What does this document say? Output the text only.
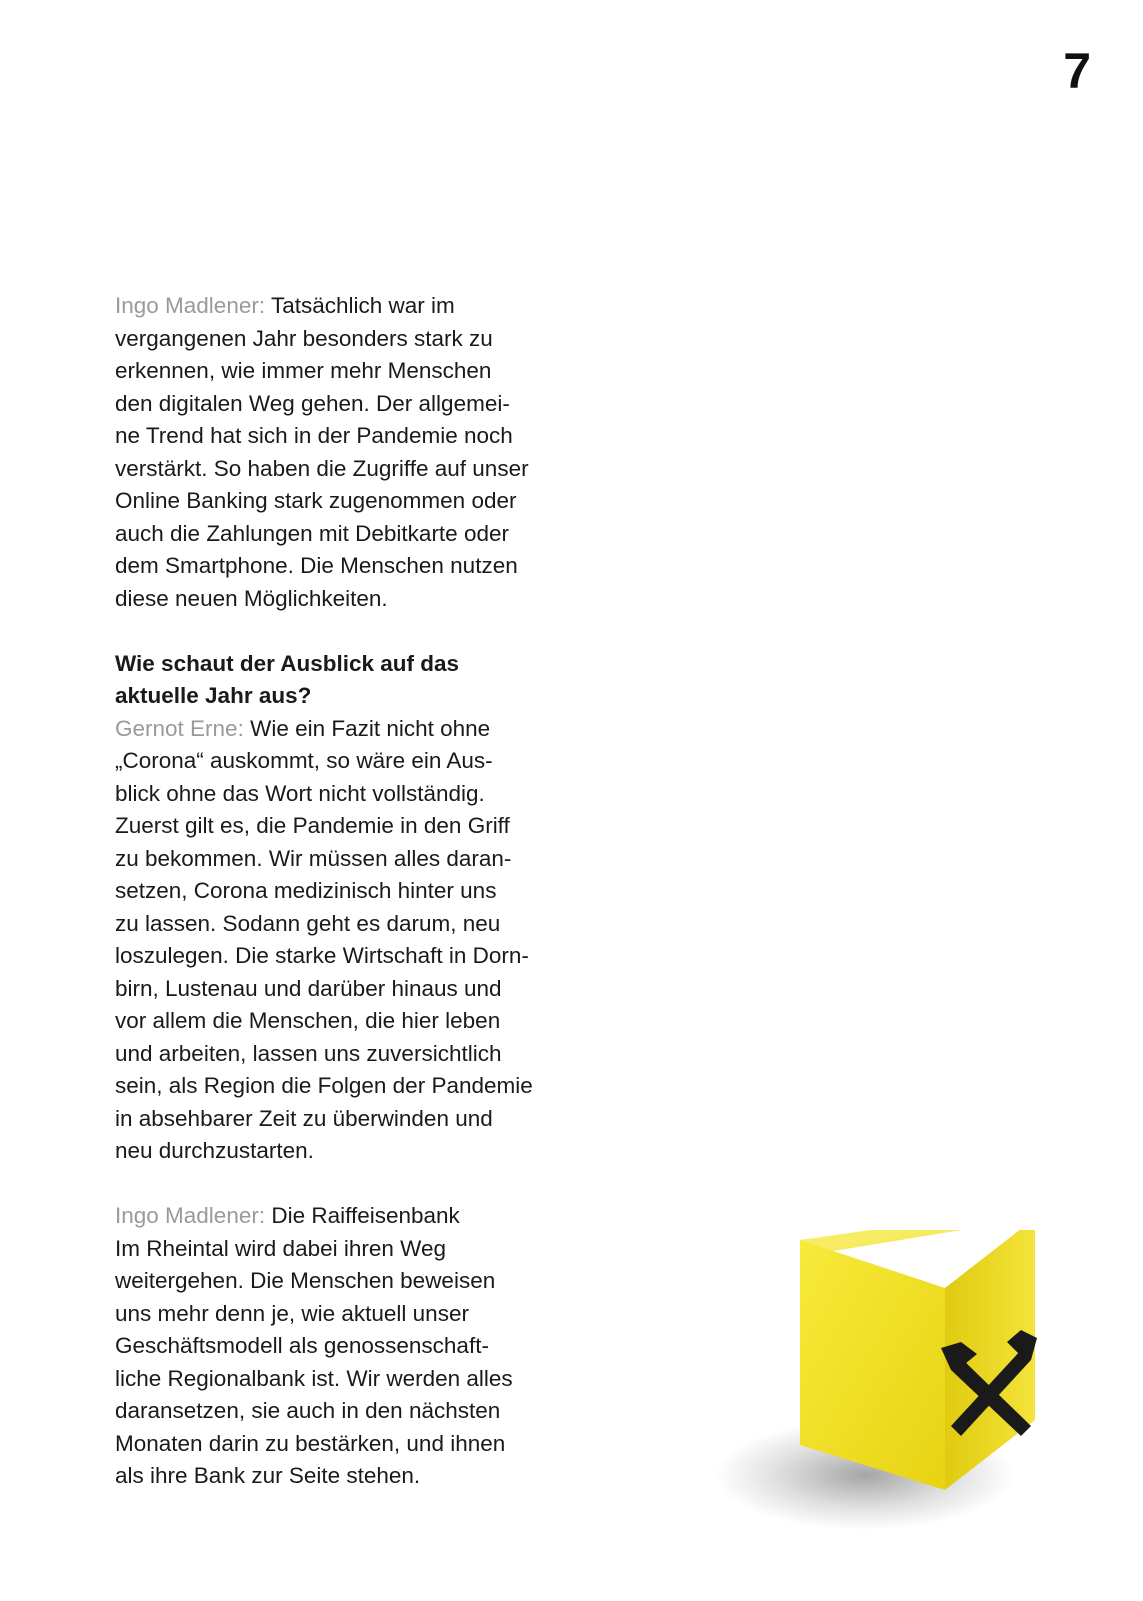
7

Ingo Madlener: Tatsächlich war im
vergangenen Jahr besonders stark zu
erkennen, wie immer mehr Menschen
den digitalen Weg gehen. Der allgemei-
ne Trend hat sich in der Pandemie noch
verstärkt. So haben die Zugriffe auf unser
Online Banking stark zugenommen oder
auch die Zahlungen mit Debitkarte oder
dem Smartphone. Die Menschen nutzen
diese neuen Möglichkeiten.

Wie schaut der Ausblick auf das
aktuelle Jahr aus?
Gernot Erne: Wie ein Fazit nicht ohne
„Corona“ auskommt, so wäre ein Aus-
blick ohne das Wort nicht vollständig.
Zuerst gilt es, die Pandemie in den Griff
zu bekommen. Wir müssen alles daran-
setzen, Corona medizinisch hinter uns
zu lassen. Sodann geht es darum, neu
loszulegen. Die starke Wirtschaft in Dorn-
birn, Lustenau und darüber hinaus und
vor allem die Menschen, die hier leben
und arbeiten, lassen uns zuversichtlich
sein, als Region die Folgen der Pandemie
in absehbarer Zeit zu überwinden und
neu durchzustarten.

Ingo Madlener: Die Raiffeisenbank
Im Rheintal wird dabei ihren Weg
weitergehen. Die Menschen beweisen
uns mehr denn je, wie aktuell unser
Geschäftsmodell als genossenschaft-
liche Regionalbank ist. Wir werden alles
daransetzen, sie auch in den nächsten
Monaten darin zu bestärken, und ihnen
als ihre Bank zur Seite stehen.
